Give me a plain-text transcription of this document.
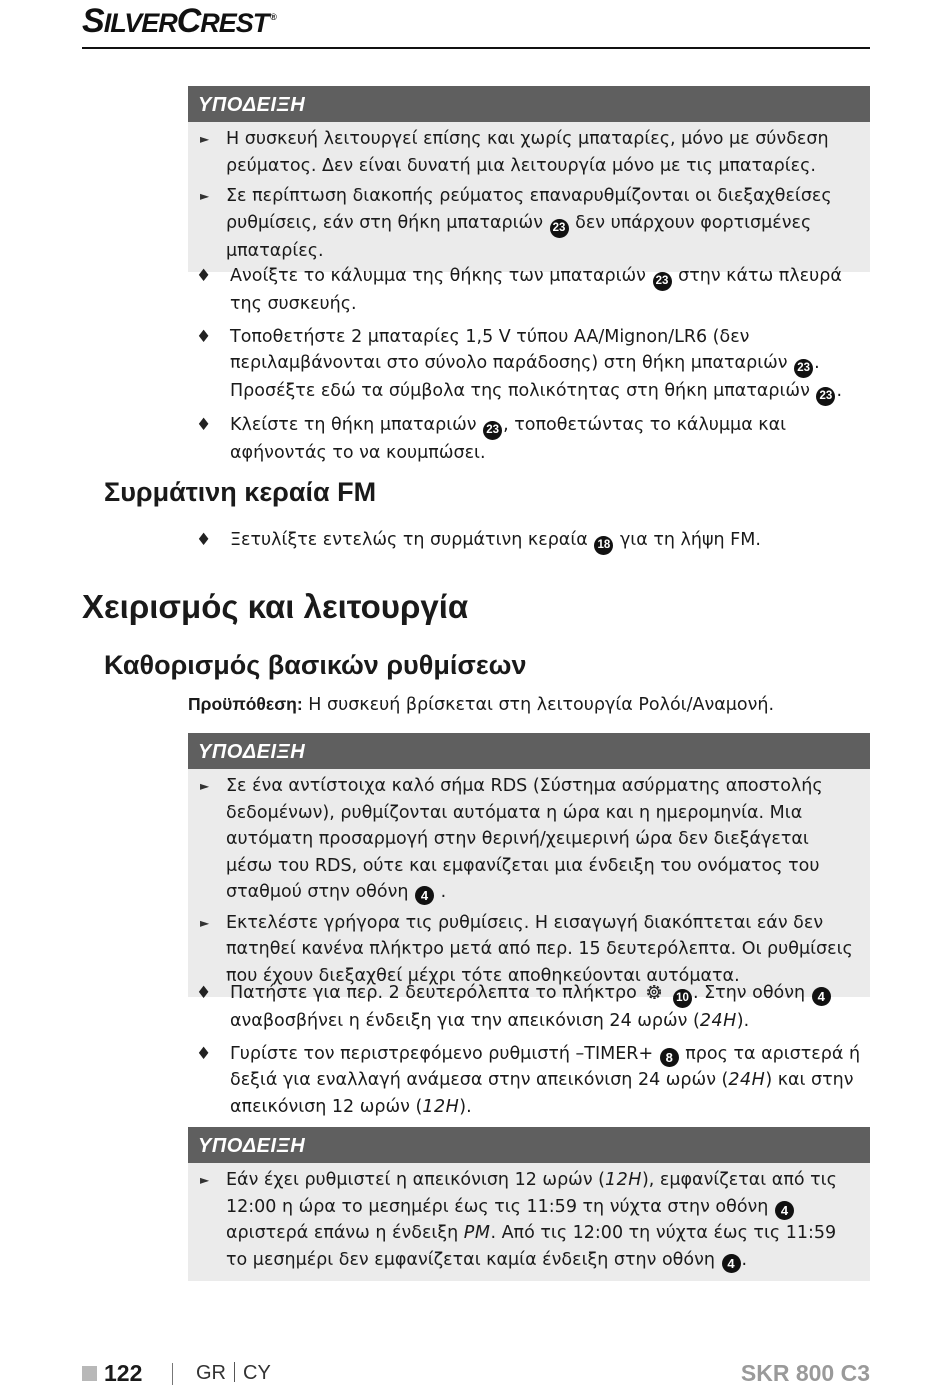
SILVERCREST ®
ΥΠΟΔΕΙΞΗ
► Η συσκευή λειτουργεί επίσης και χωρίς μπαταρίες, μόνο με σύνδεση ρεύματος. Δεν είναι δυνατή μια λειτουργία μόνο με τις μπαταρίες.
► Σε περίπτωση διακοπής ρεύματος επαναρυθμίζονται οι διεξαχθείσες ρυθμίσεις, εάν στη θήκη μπαταριών 23 δεν υπάρχουν φορτισμένες μπαταρίες.
♦ Ανοίξτε το κάλυμμα της θήκης των μπαταριών 23 στην κάτω πλευρά της συσκευής.
♦ Τοποθετήστε 2 μπαταρίες 1,5 V τύπου AA/Mignon/LR6 (δεν περιλαμβάνονται στο σύνολο παράδοσης) στη θήκη μπαταριών 23 . Προσέξτε εδώ τα σύμβολα της πολικότητας στη θήκη μπαταριών 23 .
♦ Κλείστε τη θήκη μπαταριών 23 , τοποθετώντας το κάλυμμα και αφήνοντάς το να κουμπώσει.
Συρμάτινη κεραία FM
♦ Ξετυλίξτε εντελώς τη συρμάτινη κεραία 18 για τη λήψη FM.
Χειρισμός και λειτουργία
Καθορισμός βασικών ρυθμίσεων
Προϋπόθεση: Η συσκευή βρίσκεται στη λειτουργία Ρολόι/Αναμονή.
ΥΠΟΔΕΙΞΗ
► Σε ένα αντίστοιχα καλό σήμα RDS (Σύστημα ασύρματης αποστολής δεδομένων), ρυθμίζονται αυτόματα η ώρα και η ημερομηνία. Μια αυτόματη προσαρμογή στην θερινή/χειμερινή ώρα δεν διεξάγεται μέσω του RDS, ούτε και εμφανίζεται μια ένδειξη του ονόματος του σταθμού στην οθόνη 4 .
► Εκτελέστε γρήγορα τις ρυθμίσεις. Η εισαγωγή διακόπτεται εάν δεν πατηθεί κανένα πλήκτρο μετά από περ. 15 δευτερόλεπτα. Οι ρυθμίσεις που έχουν διεξαχθεί μέχρι τότε αποθηκεύονται αυτόματα.
♦ Πατήστε για περ. 2 δευτερόλεπτα το πλήκτρο	10 . Στην οθόνη 4 αναβοσβήνει η ένδειξη για την απεικόνιση 24 ωρών (24H).
♦ Γυρίστε τον περιστρεφόμενο ρυθμιστή –TIMER+ 8 προς τα αριστερά ή δεξιά για εναλλαγή ανάμεσα στην απεικόνιση 24 ωρών (24H) και στην απεικόνιση 12 ωρών (12H).
ΥΠΟΔΕΙΞΗ
► Εάν έχει ρυθμιστεί η απεικόνιση 12 ωρών (12H), εμφανίζεται από τις 12:00 η ώρα το μεσημέρι έως τις 11:59 τη νύχτα στην οθόνη 4 αριστερά επάνω η ένδειξη PM. Από τις 12:00 τη νύχτα έως τις 11:59 το μεσημέρι δεν εμφανίζεται καμία ένδειξη στην οθόνη 4 .
122	GR CY	SKR 800 C3
